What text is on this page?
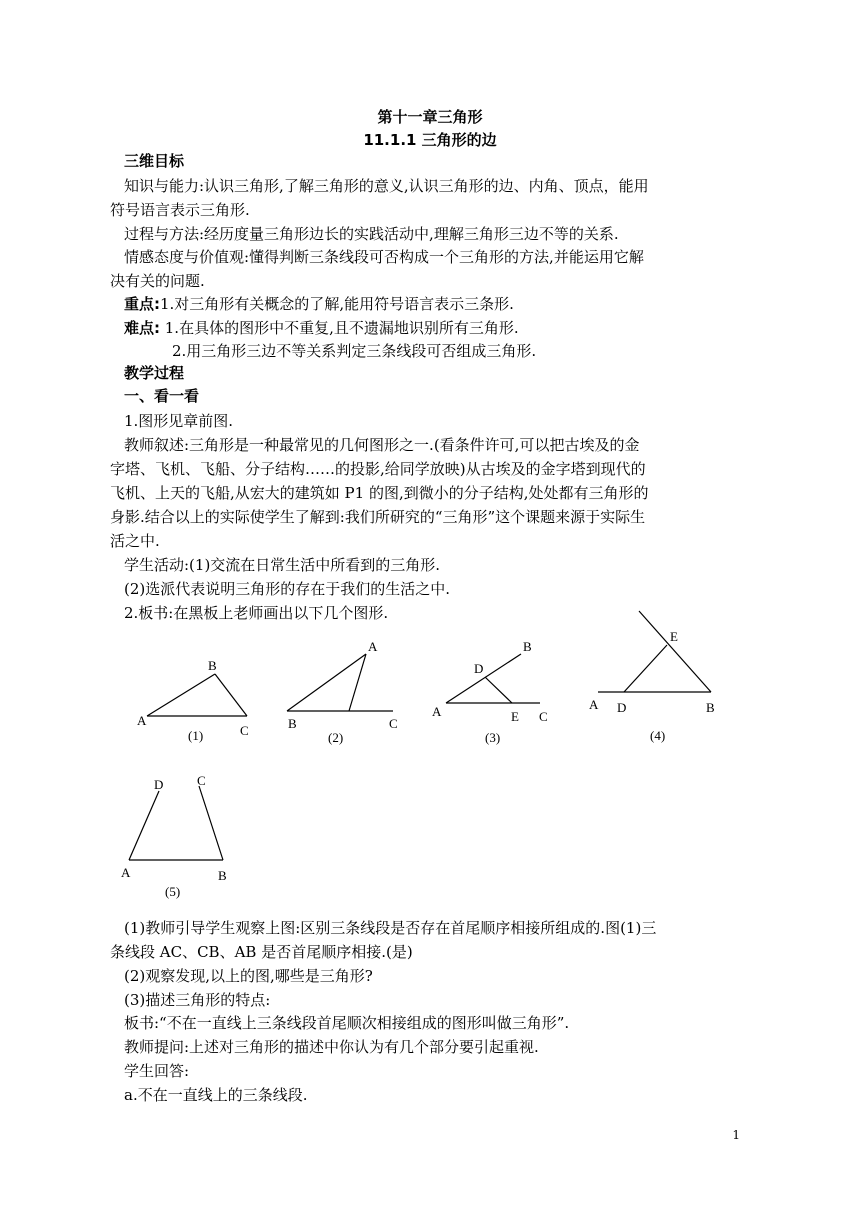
第十一章三角形
11.1.1 三角形的边
三维目标
知识与能力:认识三角形,了解三角形的意义,认识三角形的边、内角、顶点，能用
符号语言表示三角形.
过程与方法:经历度量三角形边长的实践活动中,理解三角形三边不等的关系.
情感态度与价值观:懂得判断三条线段可否构成一个三角形的方法,并能运用它解
决有关的问题.
重点:1.对三角形有关概念的了解,能用符号语言表示三条形.
难点: 1.在具体的图形中不重复,且不遗漏地识别所有三角形.
2.用三角形三边不等关系判定三条线段可否组成三角形.
教学过程
一、看一看
1.图形见章前图.
教师叙述:三角形是一种最常见的几何图形之一.(看条件许可,可以把古埃及的金
字塔、飞机、飞船、分子结构……的投影,给同学放映)从古埃及的金字塔到现代的
飞机、上天的飞船,从宏大的建筑如 P1 的图,到微小的分子结构,处处都有三角形的
身影.结合以上的实际使学生了解到:我们所研究的“三角形”这个课题来源于实际生
活之中.
学生活动:(1)交流在日常生活中所看到的三角形.
(2)选派代表说明三角形的存在于我们的生活之中.
2.板书:在黑板上老师画出以下几个图形.
A
B
C
(1)
A
B	C
(2)
A
B
C
D
E
(3)
A	B
D
E
(4)
A	B
C
D
(5)
(1)教师引导学生观察上图:区别三条线段是否存在首尾顺序相接所组成的.图(1)三
条线段 AC、CB、AB 是否首尾顺序相接.(是)
(2)观察发现,以上的图,哪些是三角形?
(3)描述三角形的特点:
板书:“不在一直线上三条线段首尾顺次相接组成的图形叫做三角形”.
教师提问:上述对三角形的描述中你认为有几个部分要引起重视.
学生回答:
a.不在一直线上的三条线段.
1
